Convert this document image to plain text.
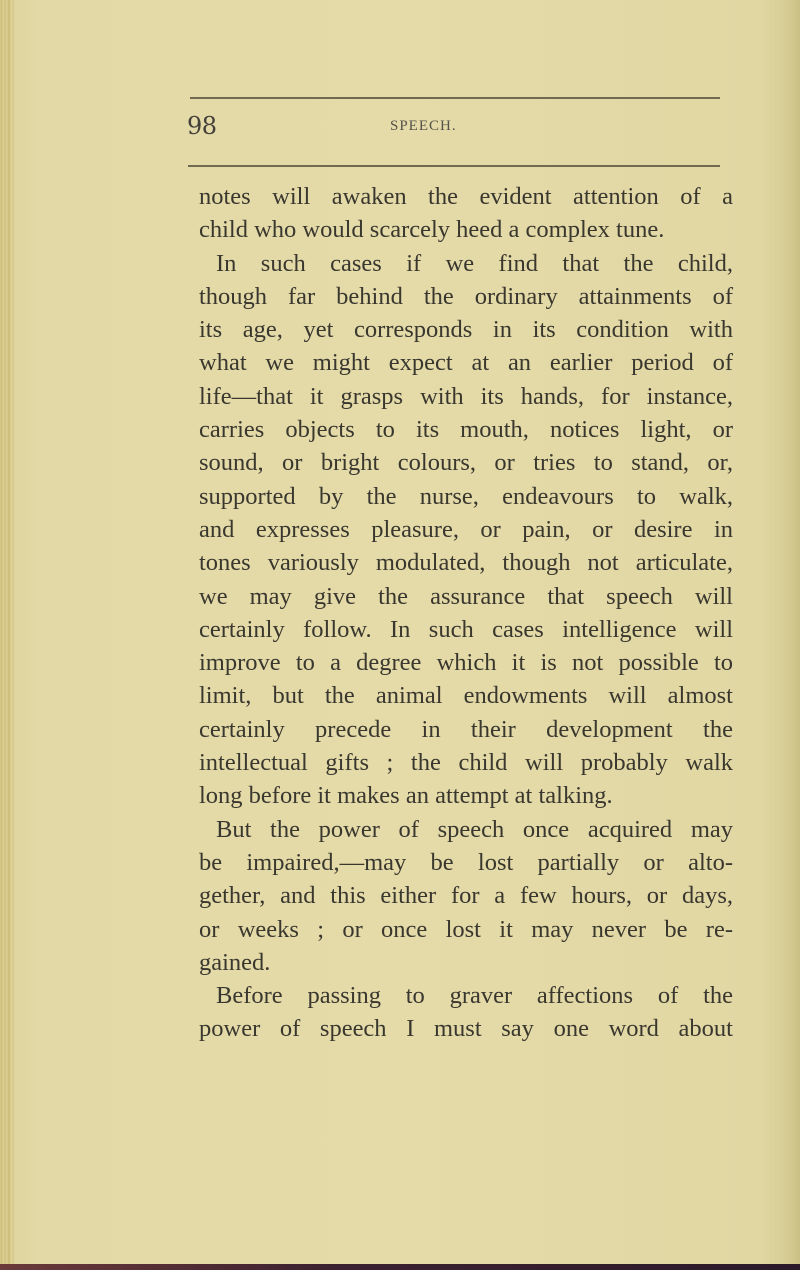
98	SPEECH.
notes will awaken the evident attention of a
child who would scarcely heed a complex tune.
In such cases if we find that the child,
though far behind the ordinary attainments of
its age, yet corresponds in its condition with
what we might expect at an earlier period of
life—that it grasps with its hands, for instance,
carries objects to its mouth, notices light, or
sound, or bright colours, or tries to stand, or,
supported by the nurse, endeavours to walk,
and expresses pleasure, or pain, or desire in
tones variously modulated, though not articulate,
we may give the assurance that speech will
certainly follow. In such cases intelligence will
improve to a degree which it is not possible to
limit, but the animal endowments will almost
certainly precede in their development the
intellectual gifts ; the child will probably walk
long before it makes an attempt at talking.
But the power of speech once acquired may
be impaired,—may be lost partially or alto-
gether, and this either for a few hours, or days,
or weeks ; or once lost it may never be re-
gained.
Before passing to graver affections of the
power of speech I must say one word about
